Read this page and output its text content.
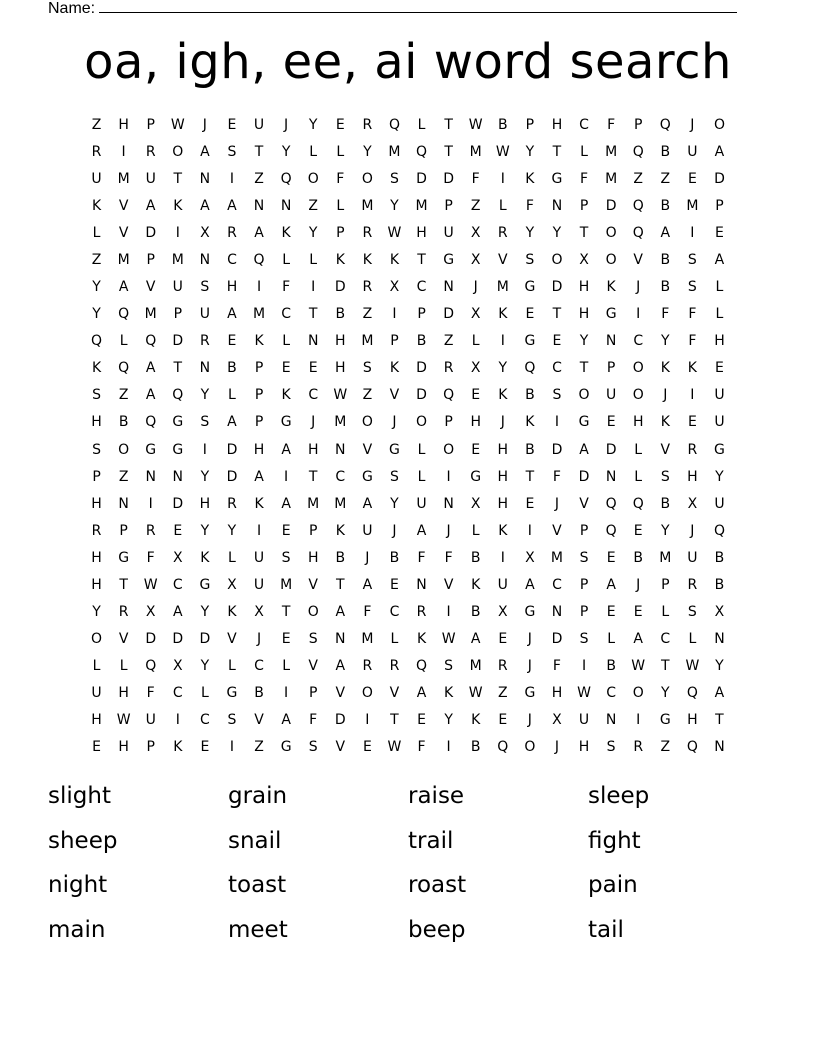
Name:
oa, igh, ee, ai word search
Z	H	P	W	J	E	U	J	Y	E	R	Q	L	T	W	B	P	H	C	F	P	Q	J	O
R	I	R	O	A	S	T	Y	L	L	Y	M	Q	T	M	W	Y	T	L	M	Q	B	U	A
U	M	U	T	N	I	Z	Q	O	F	O	S	D	D	F	I	K	G	F	M	Z	Z	E	D
K	V	A	K	A	A	N	N	Z	L	M	Y	M	P	Z	L	F	N	P	D	Q	B	M	P
L	V	D	I	X	R	A	K	Y	P	R	W	H	U	X	R	Y	Y	T	O	Q	A	I	E
Z	M	P	M	N	C	Q	L	L	K	K	K	T	G	X	V	S	O	X	O	V	B	S	A
Y	A	V	U	S	H	I	F	I	D	R	X	C	N	J	M	G	D	H	K	J	B	S	L
Y	Q	M	P	U	A	M	C	T	B	Z	I	P	D	X	K	E	T	H	G	I	F	F	L
Q	L	Q	D	R	E	K	L	N	H	M	P	B	Z	L	I	G	E	Y	N	C	Y	F	H
K	Q	A	T	N	B	P	E	E	H	S	K	D	R	X	Y	Q	C	T	P	O	K	K	E
S	Z	A	Q	Y	L	P	K	C	W	Z	V	D	Q	E	K	B	S	O	U	O	J	I	U
H	B	Q	G	S	A	P	G	J	M	O	J	O	P	H	J	K	I	G	E	H	K	E	U
S	O	G	G	I	D	H	A	H	N	V	G	L	O	E	H	B	D	A	D	L	V	R	G
P	Z	N	N	Y	D	A	I	T	C	G	S	L	I	G	H	T	F	D	N	L	S	H	Y
H	N	I	D	H	R	K	A	M	M	A	Y	U	N	X	H	E	J	V	Q	Q	B	X	U
R	P	R	E	Y	Y	I	E	P	K	U	J	A	J	L	K	I	V	P	Q	E	Y	J	Q
H	G	F	X	K	L	U	S	H	B	J	B	F	F	B	I	X	M	S	E	B	M	U	B
H	T	W	C	G	X	U	M	V	T	A	E	N	V	K	U	A	C	P	A	J	P	R	B
Y	R	X	A	Y	K	X	T	O	A	F	C	R	I	B	X	G	N	P	E	E	L	S	X
O	V	D	D	D	V	J	E	S	N	M	L	K	W	A	E	J	D	S	L	A	C	L	N
L	L	Q	X	Y	L	C	L	V	A	R	R	Q	S	M	R	J	F	I	B	W	T	W	Y
U	H	F	C	L	G	B	I	P	V	O	V	A	K	W	Z	G	H	W	C	O	Y	Q	A
H	W	U	I	C	S	V	A	F	D	I	T	E	Y	K	E	J	X	U	N	I	G	H	T
E	H	P	K	E	I	Z	G	S	V	E	W	F	I	B	Q	O	J	H	S	R	Z	Q	N
slight	grain	raise	sleep
sheep	snail	trail	fight
night	toast	roast	pain
main	meet	beep	tail
